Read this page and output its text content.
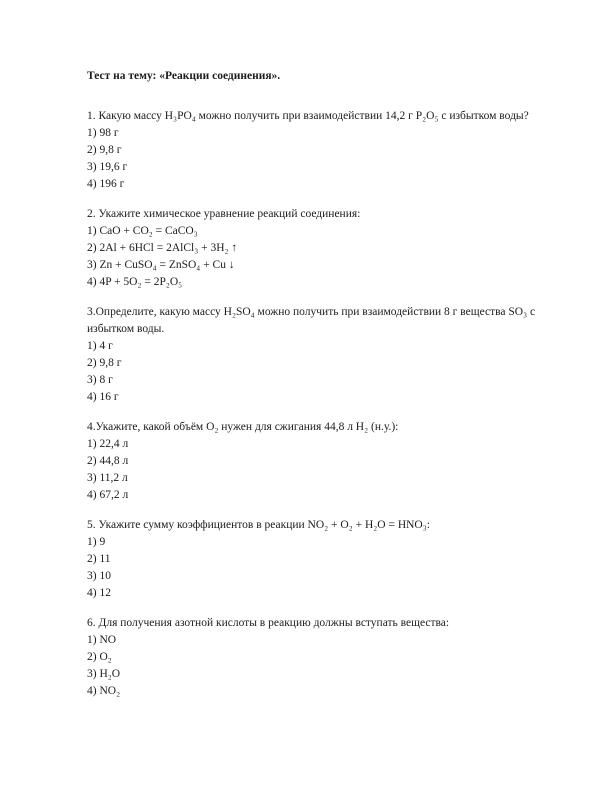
Тест на тему: «Реакции соединения».

1. Какую массу H₃PO₄ можно получить при взаимодействии 14,2 г P₂O₅ с избытком воды?

1) 98 г

2) 9,8 г

3) 19,6 г

4) 196 г

2. Укажите химическое уравнение реакций соединения:

1) CaO + CO₂ = CaCO₃

2) 2Al + 6HCl = 2AlCl₃ + 3H₂ ↑

3) Zn + CuSO₄ = ZnSO₄ + Cu ↓

4) 4P + 5O₂ = 2P₂O₅

3.Определите, какую массу H₂SO₄ можно получить при взаимодействии 8 г вещества SO₃ с избытком воды.

1) 4 г

2) 9,8 г

3) 8 г

4) 16 г

4.Укажите, какой объём O₂ нужен для сжигания 44,8 л H₂ (н.у.):

1) 22,4 л

2) 44,8 л

3) 11,2 л

4) 67,2 л

5. Укажите сумму коэффициентов в реакции NO₂ + O₂ + H₂O = HNO₃:

1) 9

2) 11

3) 10

4) 12

6. Для получения азотной кислоты в реакцию должны вступать вещества:

1) NO

2) O₂

3) H₂O

4) NO₂
